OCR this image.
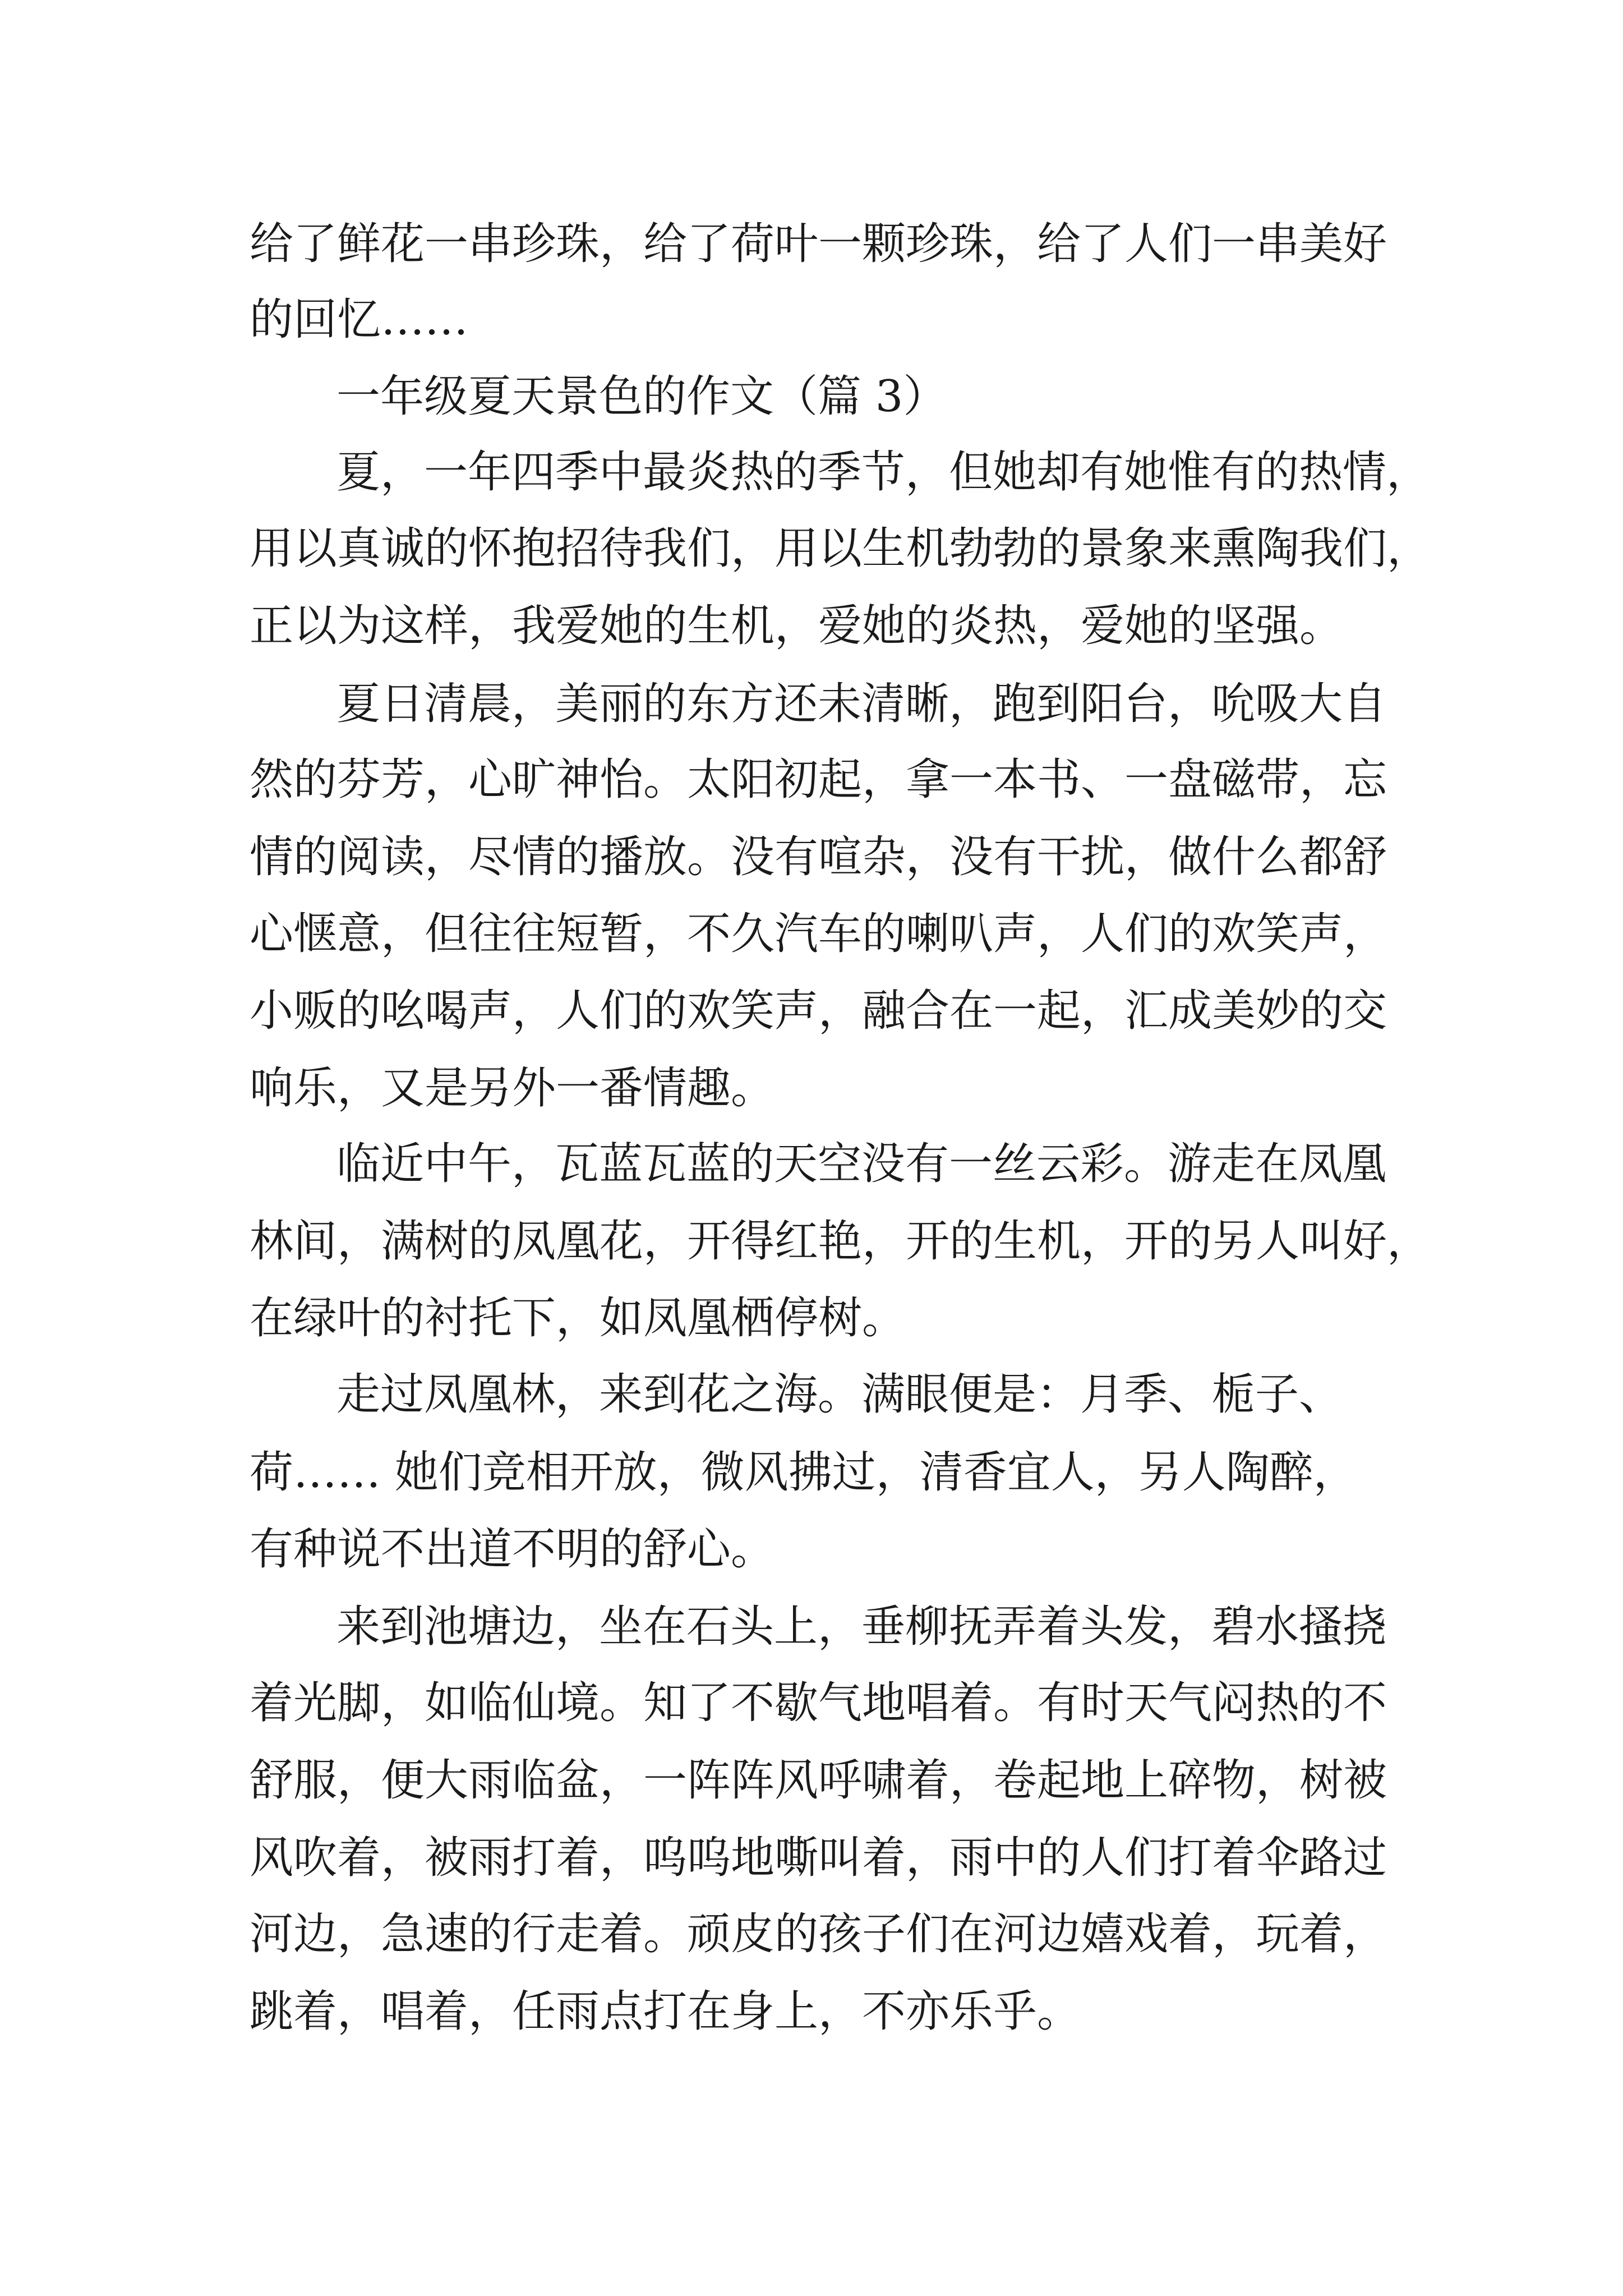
给了鲜花一串珍珠，给了荷叶一颗珍珠，给了人们一串美好

的回忆……

一年级夏天景色的作文（篇 3）

夏，一年四季中最炎热的季节，但她却有她惟有的热情，

用以真诚的怀抱招待我们，用以生机勃勃的景象来熏陶我们，

正以为这样，我爱她的生机，爱她的炎热，爱她的坚强。

夏日清晨，美丽的东方还未清晰，跑到阳台，吮吸大自

然的芬芳，心旷神怡。太阳初起，拿一本书、一盘磁带，忘

情的阅读，尽情的播放。没有喧杂，没有干扰，做什么都舒

心惬意，但往往短暂，不久汽车的喇叭声，人们的欢笑声，

小贩的吆喝声，人们的欢笑声，融合在一起，汇成美妙的交

响乐，又是另外一番情趣。

临近中午，瓦蓝瓦蓝的天空没有一丝云彩。游走在凤凰

林间，满树的凤凰花，开得红艳，开的生机，开的另人叫好，

在绿叶的衬托下，如凤凰栖停树。

走过凤凰林，来到花之海。满眼便是：月季、栀子、

荷…… 她们竞相开放，微风拂过，清香宜人，另人陶醉，

有种说不出道不明的舒心。

来到池塘边，坐在石头上，垂柳抚弄着头发，碧水搔挠

着光脚，如临仙境。知了不歇气地唱着。有时天气闷热的不

舒服，便大雨临盆，一阵阵风呼啸着，卷起地上碎物，树被

风吹着，被雨打着，呜呜地嘶叫着，雨中的人们打着伞路过

河边，急速的行走着。顽皮的孩子们在河边嬉戏着，玩着，

跳着，唱着，任雨点打在身上，不亦乐乎。
